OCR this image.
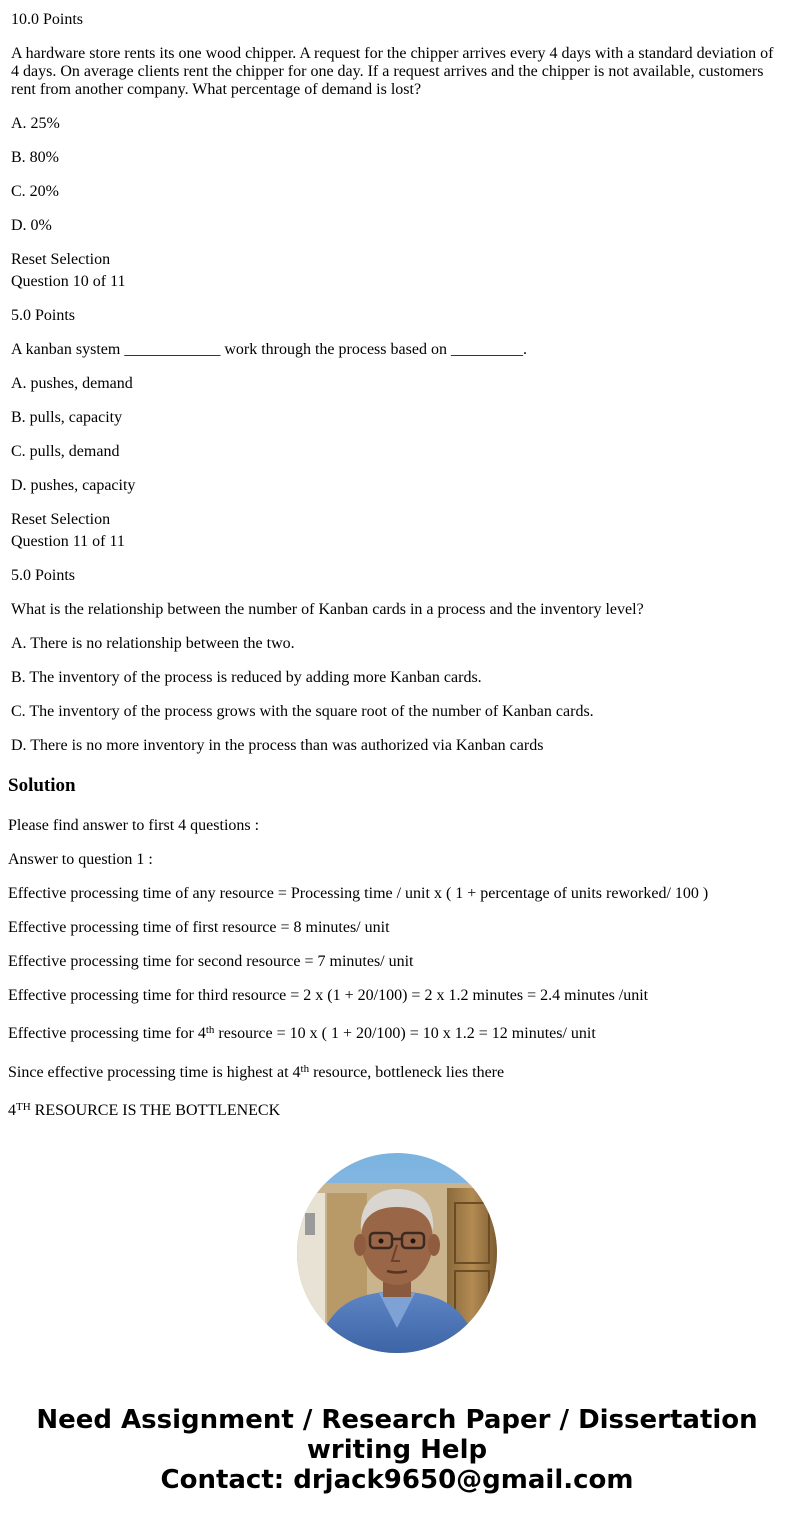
10.0 Points
A hardware store rents its one wood chipper. A request for the chipper arrives every 4 days with a standard deviation of 4 days. On average clients rent the chipper for one day. If a request arrives and the chipper is not available, customers rent from another company. What percentage of demand is lost?
A. 25%
B. 80%
C. 20%
D. 0%
Reset Selection
Question 10 of 11
5.0 Points
A kanban system ____________ work through the process based on _________.
A. pushes, demand
B. pulls, capacity
C. pulls, demand
D. pushes, capacity
Reset Selection
Question 11 of 11
5.0 Points
What is the relationship between the number of Kanban cards in a process and the inventory level?
A. There is no relationship between the two.
B. The inventory of the process is reduced by adding more Kanban cards.
C. The inventory of the process grows with the square root of the number of Kanban cards.
D. There is no more inventory in the process than was authorized via Kanban cards
Solution
Please find answer to first 4 questions :
Answer to question 1 :
Effective processing time of any resource = Processing time / unit x ( 1 + percentage of units reworked/ 100 )
Effective processing time of first resource = 8 minutes/ unit
Effective processing time for second resource = 7 minutes/ unit
Effective processing time for third resource = 2 x (1 + 20/100) = 2 x 1.2 minutes = 2.4 minutes /unit
Effective processing time for 4th resource = 10 x ( 1 + 20/100) = 10 x 1.2 = 12 minutes/ unit
Since effective processing time is highest at 4th resource, bottleneck lies there
4TH RESOURCE IS THE BOTTLENECK
Need Assignment / Research Paper / Dissertation
writing Help
Contact: drjack9650@gmail.com
